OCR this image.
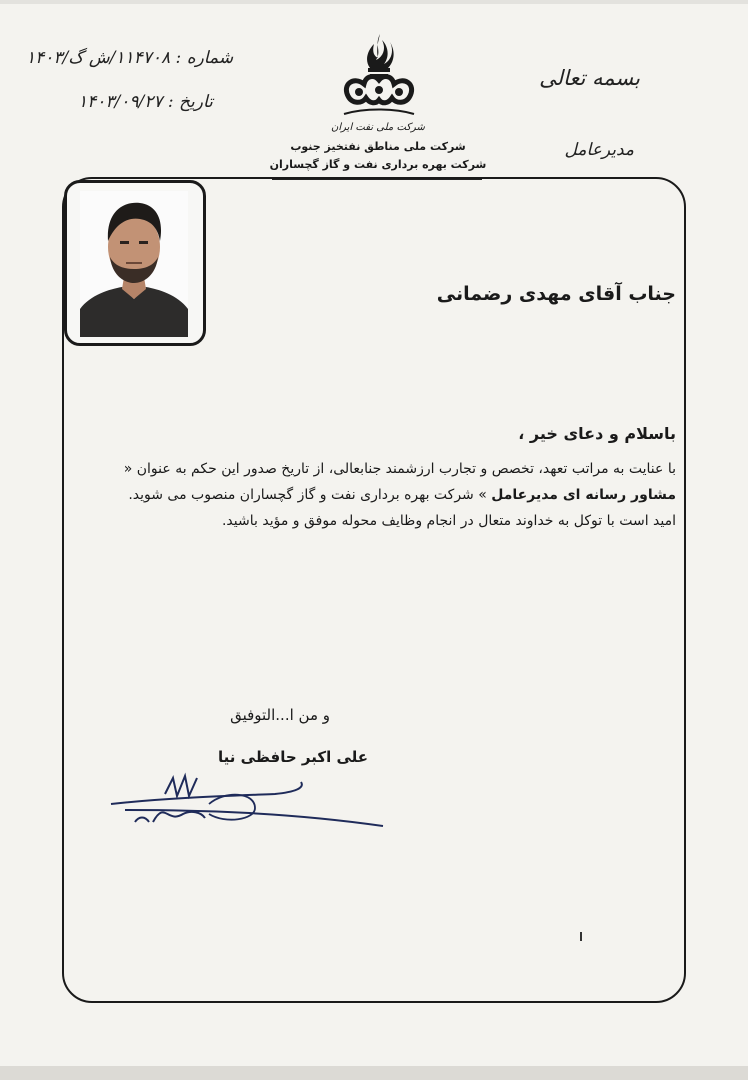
بسمه تعالی
مدیرعامل
شماره : ۱۱۴۷۰۸/ش گ/۱۴۰۳
تاریخ : ۱۴۰۳/۰۹/۲۷
شرکت ملی نفت ایران
شرکت ملی مناطق نفتخیز جنوب
شرکت بهره برداری نفت و گاز گچساران
جناب آقای مهدی رضمانی
باسلام و دعای خیر ،

با عنایت به مراتب تعهد، تخصص و تجارب ارزشمند جنابعالی، از تاریخ صدور این حکم به عنوان « مشاور رسانه ای مدیرعامل » شرکت بهره برداری نفت و گاز گچساران منصوب می شوید.

امید است با توکل به خداوند متعال در انجام وظایف محوله موفق و مؤید باشید.

و من ا...التوفیق
علی اکبر حافظی نیا
